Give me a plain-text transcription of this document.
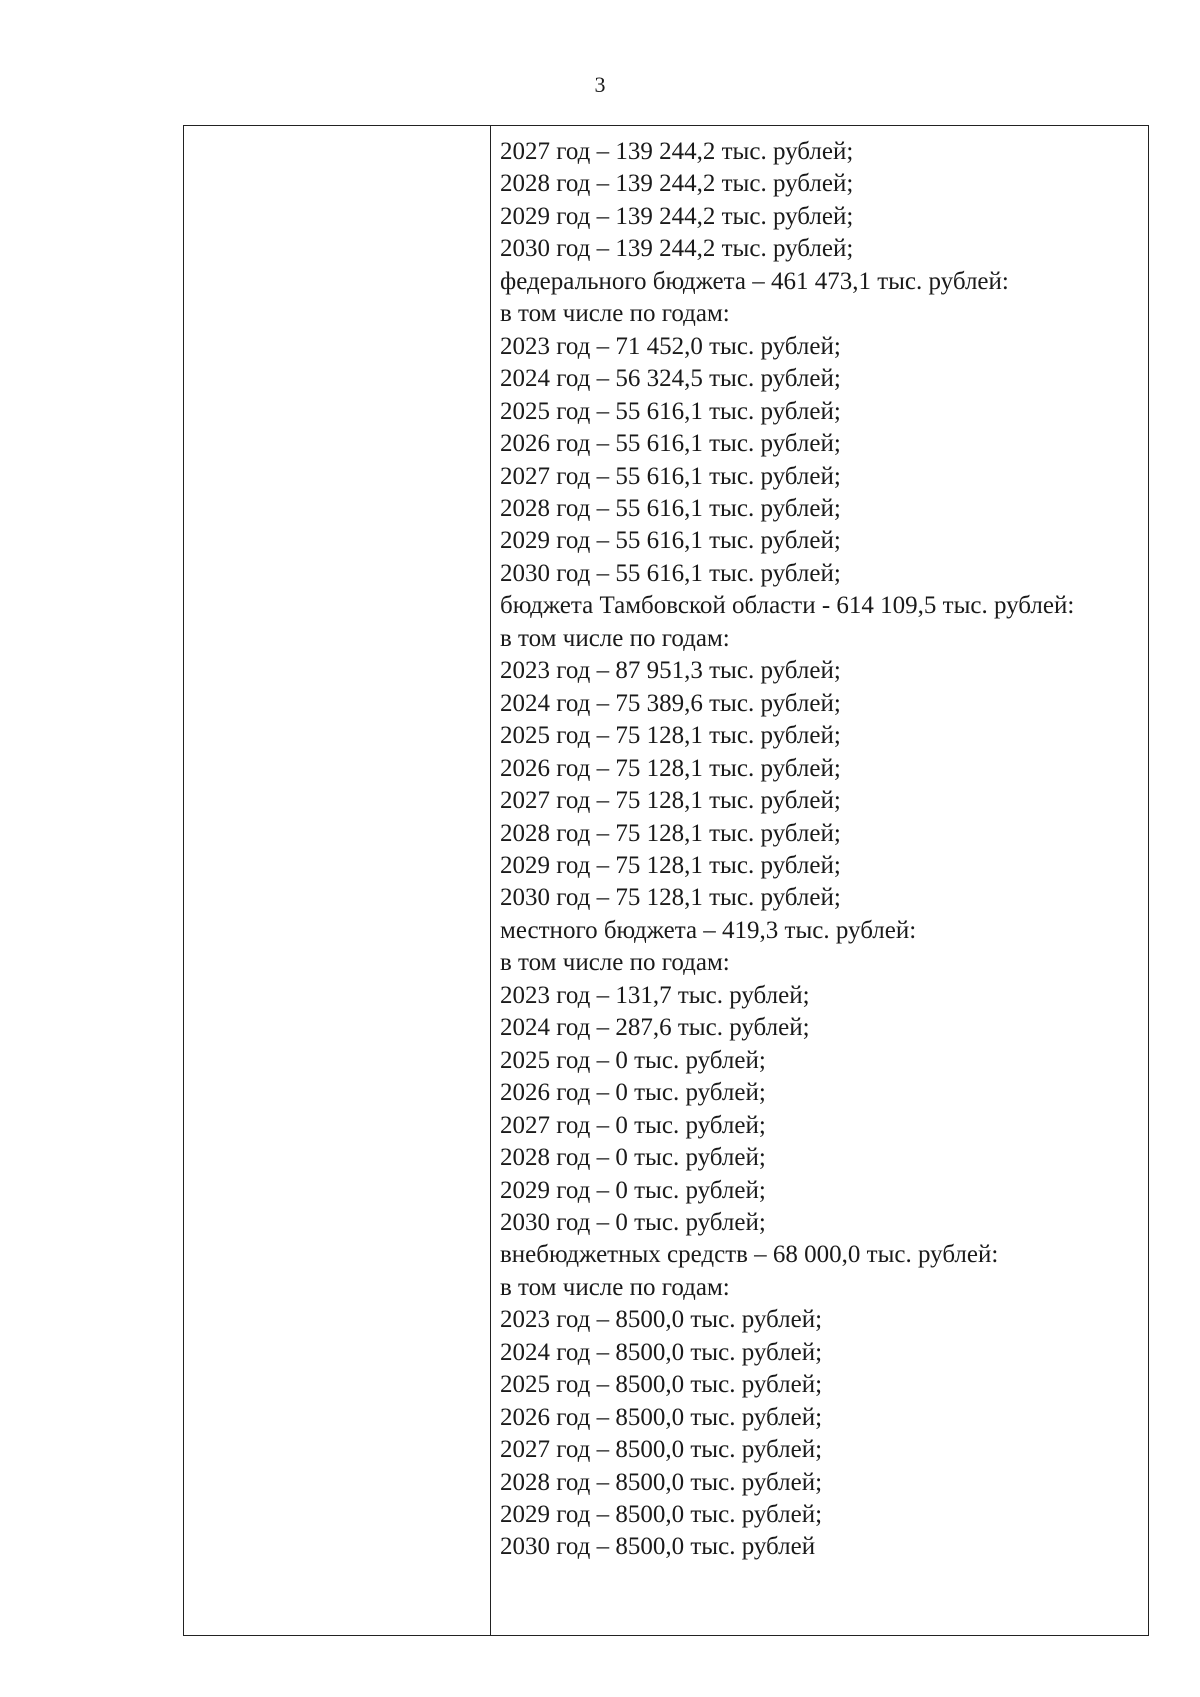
3
2027 год – 139 244,2 тыс. рублей;
2028 год – 139 244,2 тыс. рублей;
2029 год – 139 244,2 тыс. рублей;
2030 год – 139 244,2 тыс. рублей;
федерального бюджета – 461 473,1 тыс. рублей:
в том числе по годам:
2023 год – 71 452,0 тыс. рублей;
2024 год – 56 324,5 тыс. рублей;
2025 год – 55 616,1 тыс. рублей;
2026 год – 55 616,1 тыс. рублей;
2027 год – 55 616,1 тыс. рублей;
2028 год – 55 616,1 тыс. рублей;
2029 год – 55 616,1 тыс. рублей;
2030 год – 55 616,1 тыс. рублей;
бюджета Тамбовской области - 614 109,5 тыс. рублей:
в том числе по годам:
2023 год – 87 951,3 тыс. рублей;
2024 год – 75 389,6 тыс. рублей;
2025 год – 75 128,1 тыс. рублей;
2026 год – 75 128,1 тыс. рублей;
2027 год – 75 128,1 тыс. рублей;
2028 год – 75 128,1 тыс. рублей;
2029 год – 75 128,1 тыс. рублей;
2030 год – 75 128,1 тыс. рублей;
местного бюджета – 419,3 тыс. рублей:
в том числе по годам:
2023 год – 131,7 тыс. рублей;
2024 год – 287,6 тыс. рублей;
2025 год – 0 тыс. рублей;
2026 год – 0 тыс. рублей;
2027 год – 0 тыс. рублей;
2028 год – 0 тыс. рублей;
2029 год – 0 тыс. рублей;
2030 год – 0 тыс. рублей;
внебюджетных средств – 68 000,0 тыс. рублей:
в том числе по годам:
2023 год – 8500,0 тыс. рублей;
2024 год – 8500,0 тыс. рублей;
2025 год – 8500,0 тыс. рублей;
2026 год – 8500,0 тыс. рублей;
2027 год – 8500,0 тыс. рублей;
2028 год – 8500,0 тыс. рублей;
2029 год – 8500,0 тыс. рублей;
2030 год – 8500,0 тыс. рублей
